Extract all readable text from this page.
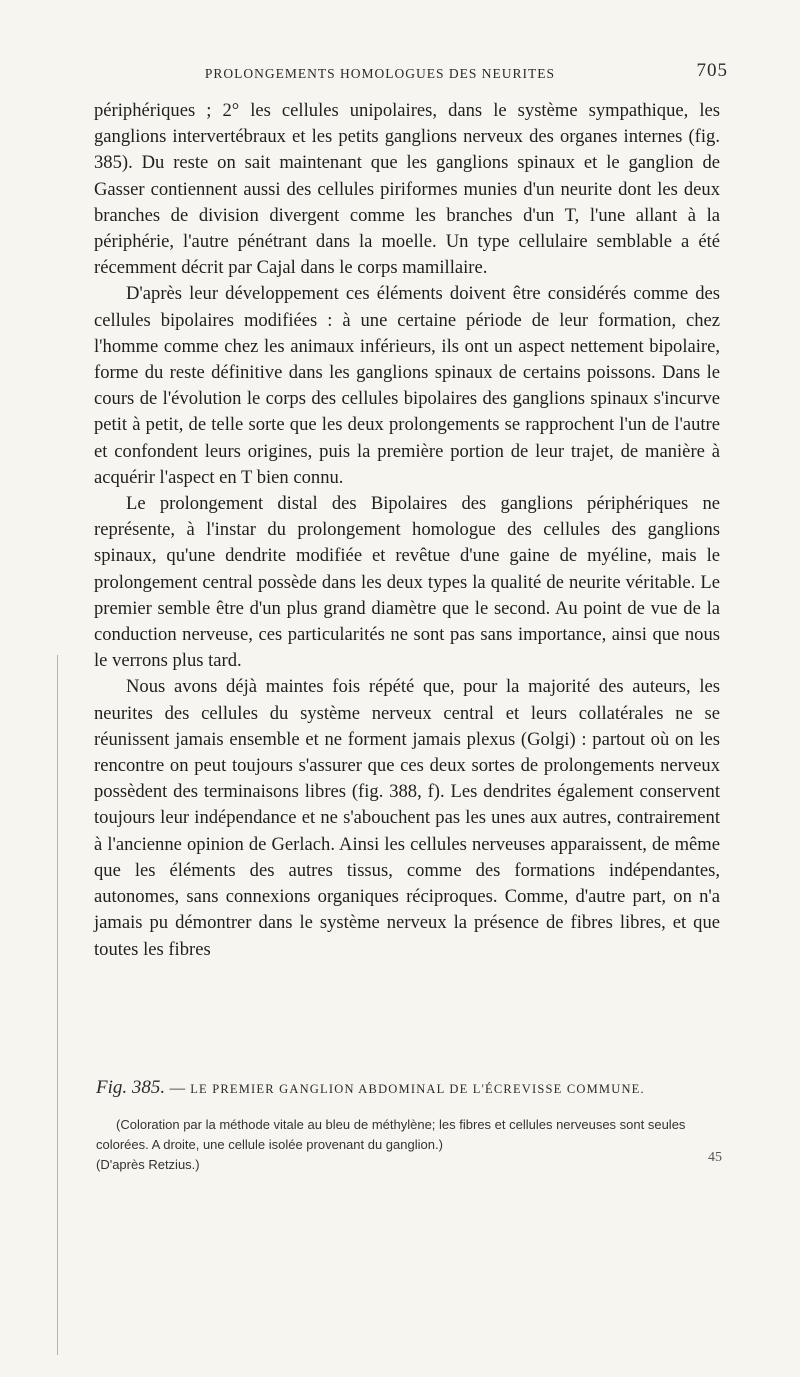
PROLONGEMENTS HOMOLOGUES DES NEURITES	705

périphériques ; 2° les cellules unipolaires, dans le système sympathique, les ganglions intervertébraux et les petits ganglions nerveux des organes internes (fig. 385). Du reste on sait maintenant que les ganglions spinaux et le ganglion de Gasser contiennent aussi des cellules piriformes munies d'un neurite dont les deux branches de division divergent comme les branches d'un T, l'une allant à la périphérie, l'autre pénétrant dans la moelle. Un type cellulaire semblable a été récemment décrit par Cajal dans le corps mamillaire.

D'après leur développement ces éléments doivent être considérés comme des cellules bipolaires modifiées : à une certaine période de leur formation, chez l'homme comme chez les animaux inférieurs, ils ont un aspect nettement bipolaire, forme du reste définitive dans les ganglions spinaux de certains poissons. Dans le cours de l'évolution le corps des cellules bipolaires des ganglions spinaux s'incurve petit à petit, de telle sorte que les deux prolongements se rapprochent l'un de l'autre et confondent leurs origines, puis la première portion de leur trajet, de manière à acquérir l'aspect en T bien connu.

Le prolongement distal des Bipolaires des ganglions périphériques ne représente, à l'instar du prolongement homologue des cellules des ganglions spinaux, qu'une dendrite modifiée et revêtue d'une gaine de myéline, mais le prolongement central possède dans les deux types la qualité de neurite véritable. Le premier semble être d'un plus grand diamètre que le second. Au point de vue de la conduction nerveuse, ces particularités ne sont pas sans importance, ainsi que nous le verrons plus tard.

Nous avons déjà maintes fois répété que, pour la majorité des auteurs, les neurites des cellules du système nerveux central et leurs collatérales ne se réunissent jamais ensemble et ne forment jamais plexus (Golgi) : partout où on les rencontre on peut toujours s'assurer que ces deux sortes de prolongements nerveux possèdent des terminaisons libres (fig. 388, f). Les dendrites également conservent toujours leur indépendance et ne s'abouchent pas les unes aux autres, contrairement à l'ancienne opinion de Gerlach. Ainsi les cellules nerveuses apparaissent, de même que les éléments des autres tissus, comme des formations indépendantes, autonomes, sans connexions organiques réciproques. Comme, d'autre part, on n'a jamais pu démontrer dans le système nerveux la présence de fibres libres, et que toutes les fibres

Fig. 385. — LE PREMIER GANGLION ABDOMINAL DE L'ÉCREVISSE COMMUNE.

(Coloration par la méthode vitale au bleu de méthylène; les fibres et cellules nerveuses sont seules colorées. A droite, une cellule isolée provenant du ganglion.)

(D'après Retzius.)	45
